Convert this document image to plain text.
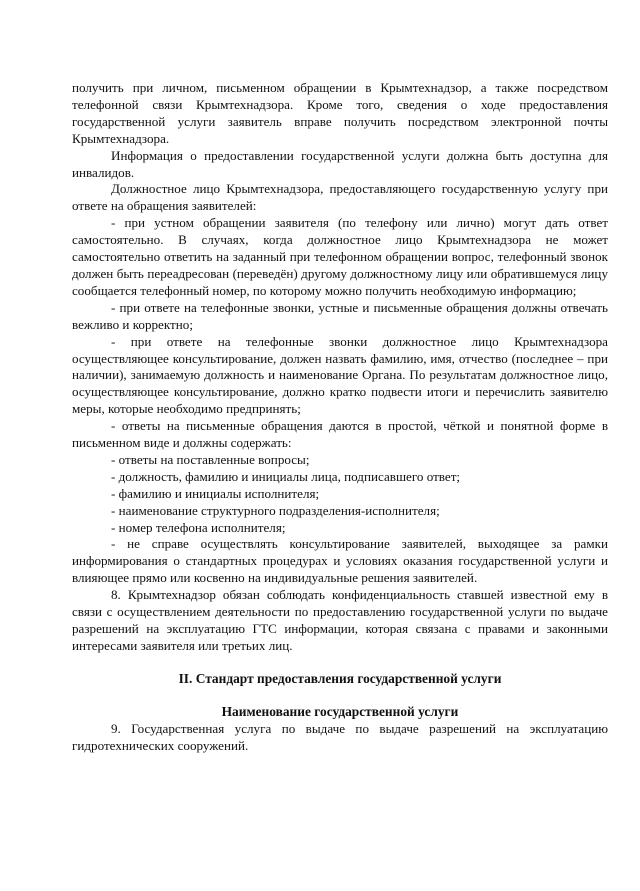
получить при личном, письменном обращении в Крымтехнадзор, а также посредством телефонной связи Крымтехнадзора. Кроме того, сведения о ходе предоставления государственной услуги заявитель вправе получить посредством электронной почты Крымтехнадзора.

Информация о предоставлении государственной услуги должна быть доступна для инвалидов.

Должностное лицо Крымтехнадзора, предоставляющего государственную услугу при ответе на обращения заявителей:

- при устном обращении заявителя (по телефону или лично) могут дать ответ самостоятельно. В случаях, когда должностное лицо Крымтехнадзора не может самостоятельно ответить на заданный при телефонном обращении вопрос, телефонный звонок должен быть переадресован (переведён) другому должностному лицу или обратившемуся лицу сообщается телефонный номер, по которому можно получить необходимую информацию;

- при ответе на телефонные звонки, устные и письменные обращения должны отвечать вежливо и корректно;

- при ответе на телефонные звонки должностное лицо Крымтехнадзора осуществляющее консультирование, должен назвать фамилию, имя, отчество (последнее – при наличии), занимаемую должность и наименование Органа. По результатам должностное лицо, осуществляющее консультирование, должно кратко подвести итоги и перечислить заявителю меры, которые необходимо предпринять;

- ответы на письменные обращения даются в простой, чёткой и понятной форме в письменном виде и должны содержать:

- ответы на поставленные вопросы;

- должность, фамилию и инициалы лица, подписавшего ответ;

- фамилию и инициалы исполнителя;

- наименование структурного подразделения-исполнителя;

- номер телефона исполнителя;

- не справе осуществлять консультирование заявителей, выходящее за рамки информирования о стандартных процедурах и условиях оказания государственной услуги и влияющее прямо или косвенно на индивидуальные решения заявителей.

8. Крымтехнадзор обязан соблюдать конфиденциальность ставшей известной ему в связи с осуществлением деятельности по предоставлению государственной услуги по выдаче разрешений на эксплуатацию ГТС информации, которая связана с правами и законными интересами заявителя или третьих лиц.

II. Стандарт предоставления государственной услуги

Наименование государственной услуги

9. Государственная услуга по выдаче по выдаче разрешений на эксплуатацию гидротехнических сооружений.
